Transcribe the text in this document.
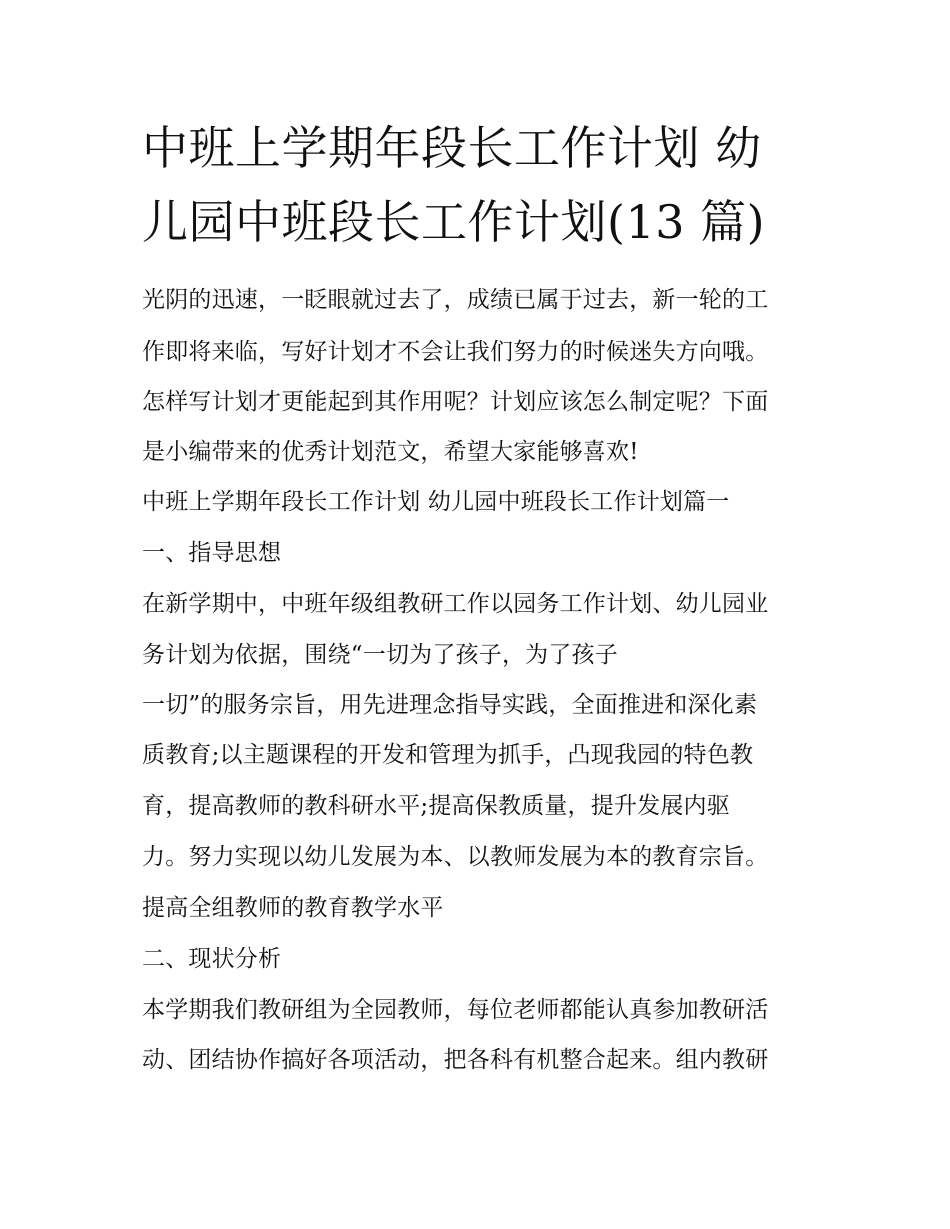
中班上学期年段长工作计划 幼
儿园中班段长工作计划(13 篇)
光阴的迅速，一眨眼就过去了，成绩已属于过去，新一轮的工
作即将来临，写好计划才不会让我们努力的时候迷失方向哦。
怎样写计划才更能起到其作用呢？计划应该怎么制定呢？下面
是小编带来的优秀计划范文，希望大家能够喜欢!
中班上学期年段长工作计划 幼儿园中班段长工作计划篇一
一、指导思想
在新学期中，中班年级组教研工作以园务工作计划、幼儿园业
务计划为依据，围绕“一切为了孩子，为了孩子
一切”的服务宗旨，用先进理念指导实践，全面推进和深化素
质教育;以主题课程的开发和管理为抓手，凸现我园的特色教
育，提高教师的教科研水平;提高保教质量，提升发展内驱
力。努力实现以幼儿发展为本、以教师发展为本的教育宗旨。
提高全组教师的教育教学水平
二、现状分析
本学期我们教研组为全园教师，每位老师都能认真参加教研活
动、团结协作搞好各项活动，把各科有机整合起来。组内教研
